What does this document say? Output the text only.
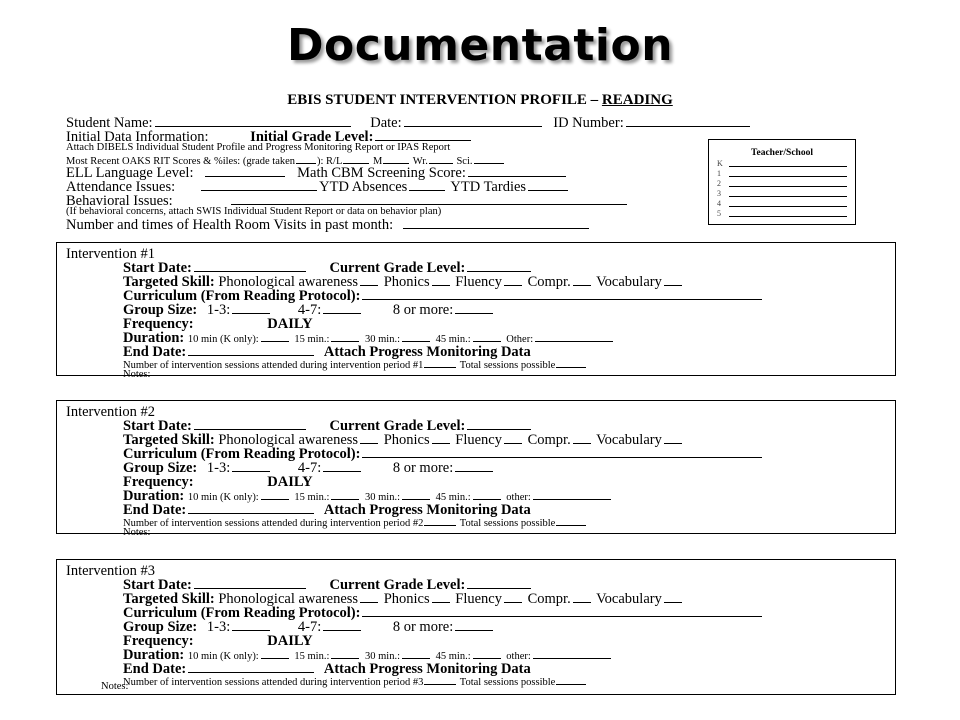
Documentation
EBIS STUDENT INTERVENTION PROFILE – READING
Student Name:	Date:	ID Number:
Initial Data Information:	Initial Grade Level:
Attach DIBELS Individual Student Profile and Progress Monitoring Report or IPAS Report
Most Recent OAKS RIT Scores & %iles: (grade taken ): R/L	M	Wr.	Sci.
ELL Language Level:	Math CBM Screening Score:
Attendance Issues:	YTD Absences	YTD Tardies
Behavioral Issues:
(If behavioral concerns, attach SWIS Individual Student Report or data on behavior plan)
Number and times of Health Room Visits in past month:
Teacher/School
K
1
2
3
4
5
Intervention #1
Start Date:	Current Grade Level:
Targeted Skill: Phonological awareness Phonics Fluency Compr. Vocabulary
Curriculum (From Reading Protocol):
Group Size: 1-3:	4-7:	8 or more:
Frequency:	DAILY
Duration: 10 min (K only):	15 min.:	30 min.:	45 min.:	Other:
End Date:	Attach Progress Monitoring Data
Number of intervention sessions attended during intervention period #1	Total sessions possible
Notes:
Intervention #2
Start Date:	Current Grade Level:
Targeted Skill: Phonological awareness Phonics Fluency Compr. Vocabulary
Curriculum (From Reading Protocol):
Group Size: 1-3:	4-7:	8 or more:
Frequency:	DAILY
Duration: 10 min (K only):	15 min.:	30 min.:	45 min.:	other:
End Date:	Attach Progress Monitoring Data
Number of intervention sessions attended during intervention period #2	Total sessions possible
Notes:
Intervention #3
Start Date:	Current Grade Level:
Targeted Skill: Phonological awareness Phonics Fluency Compr. Vocabulary
Curriculum (From Reading Protocol):
Group Size: 1-3:	4-7:	8 or more:
Frequency:	DAILY
Duration: 10 min (K only):	15 min.:	30 min.:	45 min.:	other:
End Date:	Attach Progress Monitoring Data
Number of intervention sessions attended during intervention period #3	Total sessions possible
Notes:
